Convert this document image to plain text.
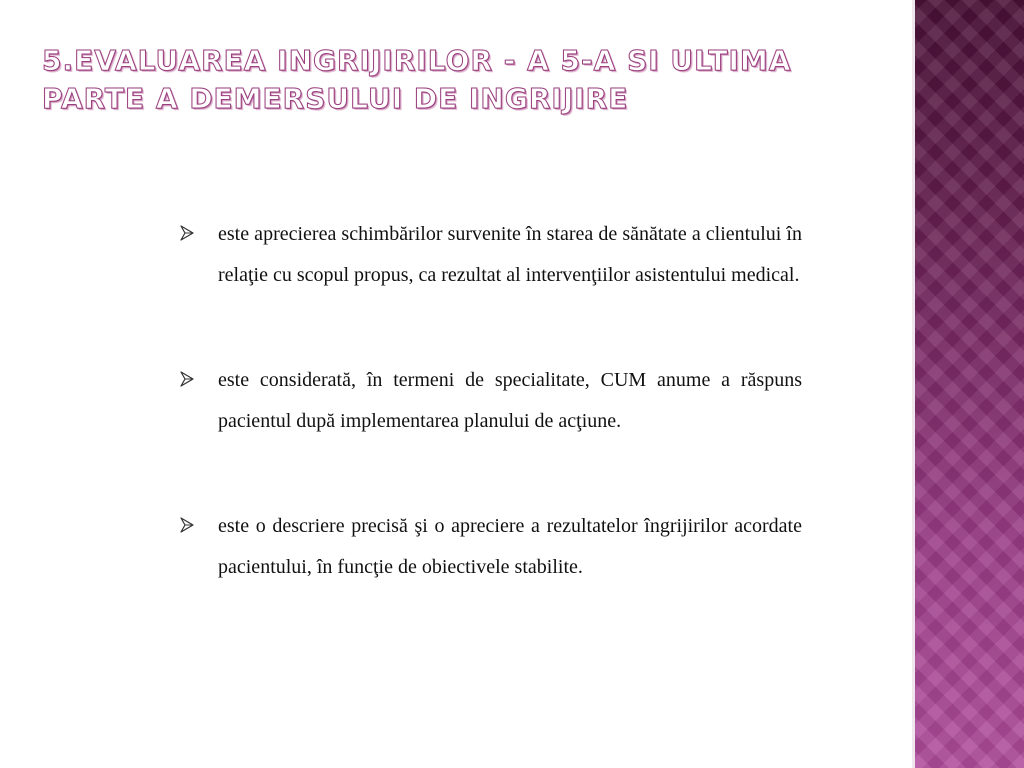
5.EVALUAREA INGRIJIRILOR - A 5-A SI ULTIMA PARTE A DEMERSULUI DE INGRIJIRE
este aprecierea schimbărilor survenite în starea de sănătate a clientului în relaţie cu scopul propus, ca rezultat al intervenţiilor asistentului medical.
este considerată, în termeni de specialitate, CUM anume a răspuns pacientul după implementarea planului de acţiune.
este o descriere precisă şi o apreciere a rezultatelor îngrijirilor acordate pacientului, în funcţie de obiectivele stabilite.
